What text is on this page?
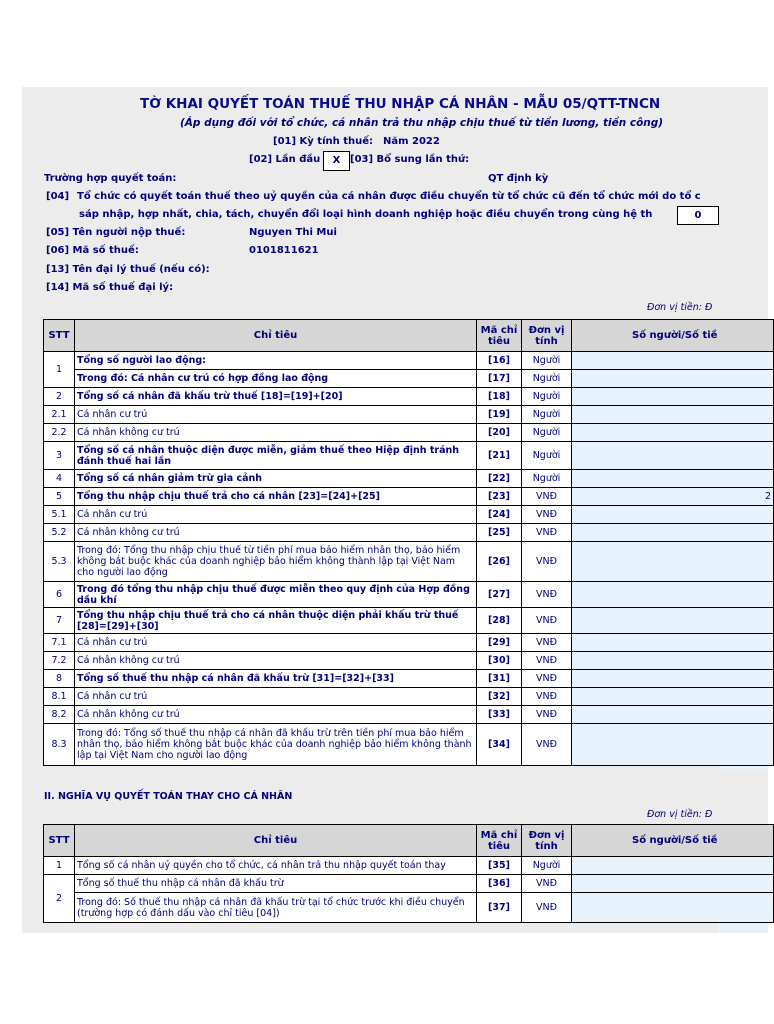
TỜ KHAI QUYẾT TOÁN THUẾ THU NHẬP CÁ NHÂN - MẪU 05/QTT-TNCN
(Áp dụng đối với tổ chức, cá nhân trả thu nhập chịu thuế từ tiền lương, tiền công)
[01] Kỳ tính thuế: Năm 2022
[02] Lần đầu	X [03] Bổ sung lần thứ:
Trường hợp quyết toán:	QT định kỳ
[04] Tổ chức có quyết toán thuế theo uỷ quyền của cá nhân được điều chuyển từ tổ chức cũ đến tổ chức mới do tổ c
sáp nhập, hợp nhất, chia, tách, chuyển đổi loại hình doanh nghiệp hoặc điều chuyển trong cùng hệ th	0
[05] Tên người nộp thuế:	Nguyen Thi Mui
[06] Mã số thuế:	0101811621
[13] Tên đại lý thuế (nếu có):
[14] Mã số thuế đại lý:
Đơn vị tiền: Đ
STT	Chỉ tiêu	Mã chỉ tiêu	Đơn vị tính	Số người/Số tiề
1	Tổng số người lao động:	[16]	Người	
	Trong đó: Cá nhân cư trú có hợp đồng lao động	[17]	Người	
2	Tổng số cá nhân đã khấu trừ thuế [18]=[19]+[20]	[18]	Người	
2.1	Cá nhân cư trú	[19]	Người	
2.2	Cá nhân không cư trú	[20]	Người	
3	Tổng số cá nhân thuộc diện được miễn, giảm thuế theo Hiệp định tránh đánh thuế hai lần	[21]	Người	
4	Tổng số cá nhân giảm trừ gia cảnh	[22]	Người	
5	Tổng thu nhập chịu thuế trả cho cá nhân [23]=[24]+[25]	[23]	VNĐ	2
5.1	Cá nhân cư trú	[24]	VNĐ	
5.2	Cá nhân không cư trú	[25]	VNĐ	
5.3	Trong đó: Tổng thu nhập chịu thuế từ tiền phí mua bảo hiểm nhân thọ, bảo hiểm không bắt buộc khác của doanh nghiệp bảo hiểm không thành lập tại Việt Nam cho người lao động	[26]	VNĐ	
6	Trong đó tổng thu nhập chịu thuế được miễn theo quy định của Hợp đồng dầu khí	[27]	VNĐ	
7	Tổng thu nhập chịu thuế trả cho cá nhân thuộc diện phải khấu trừ thuế [28]=[29]+[30]	[28]	VNĐ	
7.1	Cá nhân cư trú	[29]	VNĐ	
7.2	Cá nhân không cư trú	[30]	VNĐ	
8	Tổng số thuế thu nhập cá nhân đã khấu trừ [31]=[32]+[33]	[31]	VNĐ	
8.1	Cá nhân cư trú	[32]	VNĐ	
8.2	Cá nhân không cư trú	[33]	VNĐ	
8.3	Trong đó: Tổng số thuế thu nhập cá nhân đã khấu trừ trên tiền phí mua bảo hiểm nhân thọ, bảo hiểm không bắt buộc khác của doanh nghiệp bảo hiểm không thành lập tại Việt Nam cho người lao động	[34]	VNĐ	
II. NGHĨA VỤ QUYẾT TOÁN THAY CHO CÁ NHÂN
Đơn vị tiền: Đ
STT	Chỉ tiêu	Mã chỉ tiêu	Đơn vị tính	Số người/Số tiề
1	Tổng số cá nhân uỷ quyền cho tổ chức, cá nhân trả thu nhập quyết toán thay	[35]	Người	
2	Tổng số thuế thu nhập cá nhân đã khấu trừ	[36]	VNĐ	
	Trong đó: Số thuế thu nhập cá nhân đã khấu trừ tại tổ chức trước khi điều chuyển (trường hợp có đánh dấu vào chỉ tiêu [04])	[37]	VNĐ	
